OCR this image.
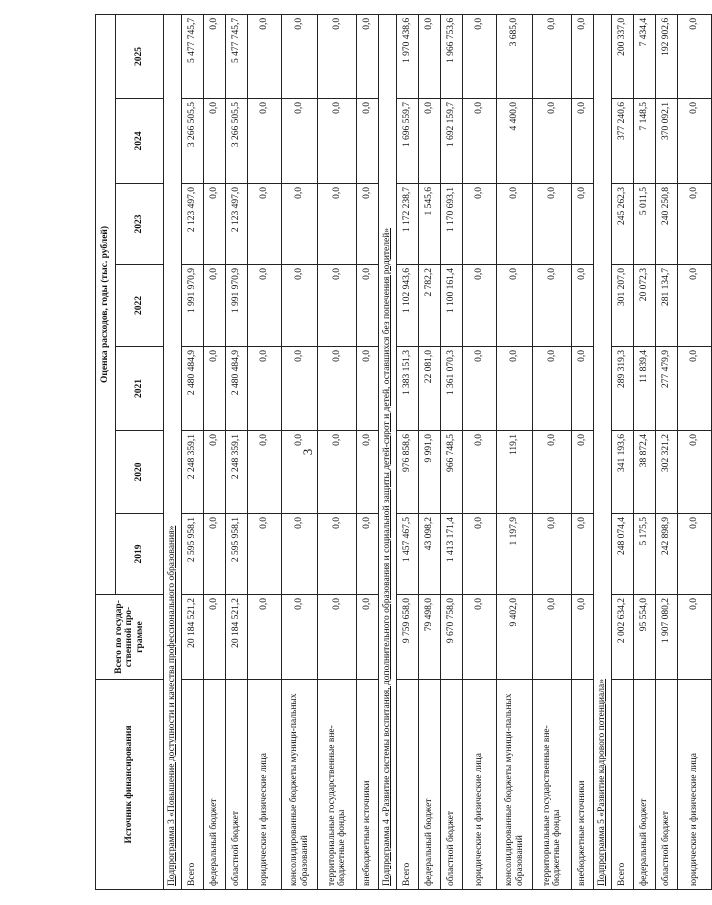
3
Источник финансирования	Всего по государ-ственной про-грамме	Оценка расходов, годы (тыс. рублей)						
		2019	2020	2021	2022	2023	2024	2025
Подпрограмма 3 «Повышение доступности и качества профессионального образования»								
Всего	20 184 521,2	2 595 958,1	2 248 359,1	2 480 484,9	1 991 970,9	2 123 497,0	3 266 505,5	5 477 745,7
федеральный бюджет	0,0	0,0	0,0	0,0	0,0	0,0	0,0	0,0
областной бюджет	20 184 521,2	2 595 958,1	2 248 359,1	2 480 484,9	1 991 970,9	2 123 497,0	3 266 505,5	5 477 745,7
юридические и физические лица	0,0	0,0	0,0	0,0	0,0	0,0	0,0	0,0
консолидированные бюджеты муници-пальных образований	0,0	0,0	0,0	0,0	0,0	0,0	0,0	0,0
территориальные государственные вне-бюджетные фонды	0,0	0,0	0,0	0,0	0,0	0,0	0,0	0,0
внебюджетные источники	0,0	0,0	0,0	0,0	0,0	0,0	0,0	0,0
Подпрограмма 4 «Развитие системы воспитания, дополнительного образования и социальной защиты детей-сирот и детей, оставшихся без попечения родителей»								
Всего	9 759 658,0	1 457 467,5	976 858,6	1 383 151,3	1 102 943,6	1 172 238,7	1 696 559,7	1 970 438,6
федеральный бюджет	79 498,0	43 098,2	9 991,0	22 081,0	2 782,2	1 545,6	0,0	0,0
областной бюджет	9 670 758,0	1 413 171,4	966 748,5	1 361 070,3	1 100 161,4	1 170 693,1	1 692 159,7	1 966 753,6
юридические и физические лица	0,0	0,0	0,0	0,0	0,0	0,0	0,0	0,0
консолидированные бюджеты муници-пальных образований	9 402,0	1 197,9	119,1	0,0	0,0	0,0	4 400,0	3 685,0
территориальные государственные вне-бюджетные фонды	0,0	0,0	0,0	0,0	0,0	0,0	0,0	0,0
внебюджетные источники	0,0	0,0	0,0	0,0	0,0	0,0	0,0	0,0
Подпрограмма 5 «Развитие кадрового потенциала»								
Всего	2 002 634,2	248 074,4	341 193,6	289 319,3	301 207,0	245 262,3	377 240,6	200 337,0
федеральный бюджет	95 554,0	5 175,5	38 872,4	11 839,4	20 072,3	5 011,5	7 148,5	7 434,4
областной бюджет	1 907 080,2	242 898,9	302 321,2	277 479,9	281 134,7	240 250,8	370 092,1	192 902,6
юридические и физические лица	0,0	0,0	0,0	0,0	0,0	0,0	0,0	0,0
